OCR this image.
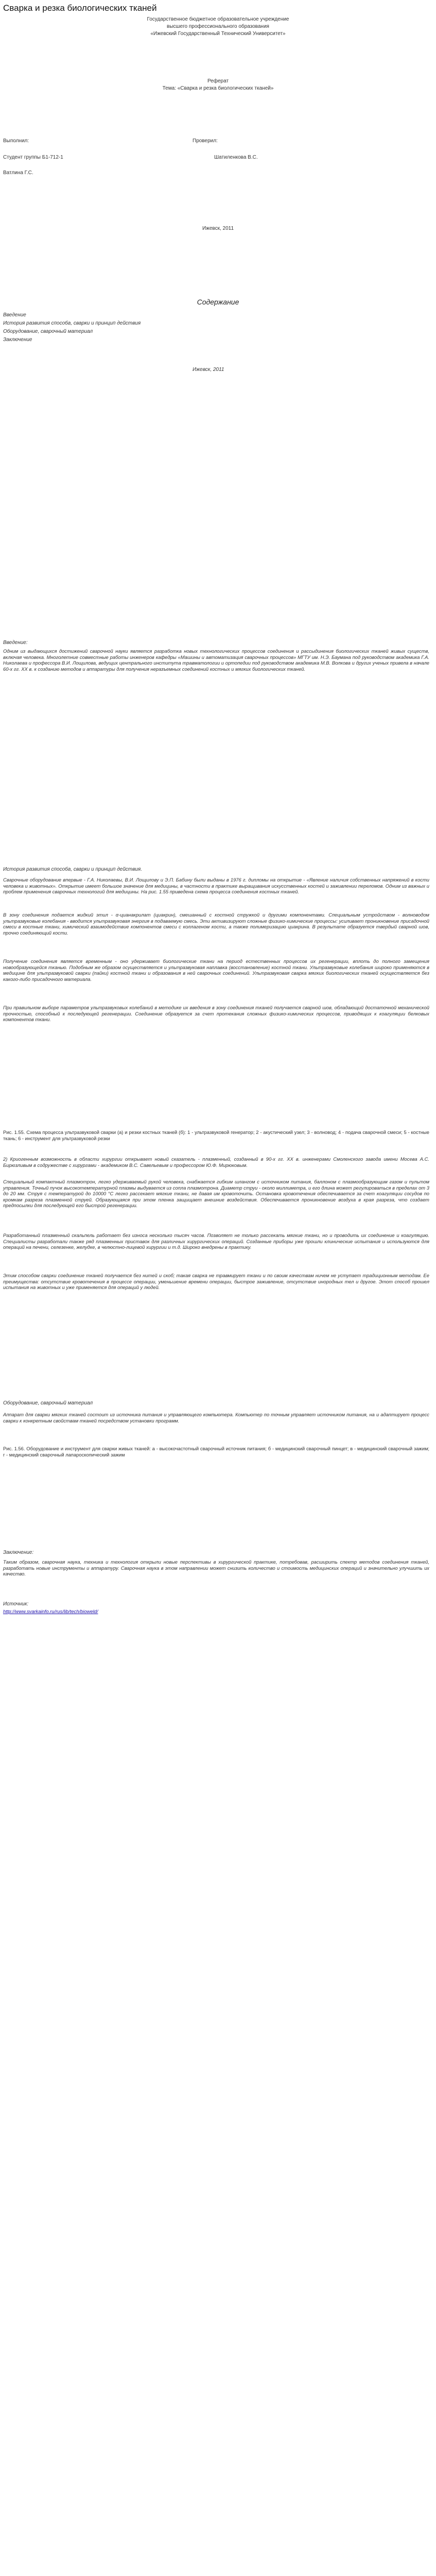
Сварка и резка биологических тканей
Государственное бюджетное образовательное учреждение
высшего профессионального образования
«Ижевский Государственный Технический Университет»
Реферат
Тема: «Сварка и резка биологических тканей»
Выполнил:	Проверил:
Студент группы Б1-712-1	Шатиленкова В.С.
Ватлина Г.С.
Ижевск, 2011
Содержание
Введение
История развития способа, сварки и принцип действия
Оборудование, сварочный материал
Заключение
Ижевск, 2011
Введение:

Одним из выдающихся достижений сварочной науки является разработка новых технологических процессов соединения и рассыдинения биологических тканей живых существ, включая человека. Многолетние совместные работы инженеров кафедры «Машины и автоматизация сварочных процессов» МГТУ им. Н.Э. Баумана под руководством академика Г.А. Николаева и профессора В.И. Лощилова, ведущих центрального института травматологии и ортопедии под руководством академика М.В. Волкова и других ученых привела в начале 60-х гг. XX в. к созданию методов и аппаратуры для получения неразъемных соединений костных и мягких биологических тканей.

История развития способа, сварки и принцип действия.

Сварочные оборудование впервые - Г.А. Николаевы, В.И. Лощилову и Э.П. Бабину были выданы в 1976 г. дипломы на открытие - «Явление наличия собственных напряжений в кости человека и животных». Открытие имеет большое значение для медицины, в частности в практике выращивания искусственных костей и заживлении переломов. Одним из важных и проблем применения сварочных технологий для медицины. На рис. 1.55 приведена схема процесса соединения костных тканей.

В зону соединения подается жидкий этил - α-цианакрилат (циакрин), смешанный с костной стружкой и другими компонентами. Специальным устройством - волноводом ультразвуковые колебания - вводится ультразвуковая энергия в подаваемую смесь. Эти активизируют сложные физико-химические процессы: усиливает проникновение присадочной смеси в костные ткани, химический взаимодействие компонентов смеси с коллагеном кости, а также полимеризацию циакрина. В результате образуется твердый сварной шов, прочно соединяющий кости.

Получение соединения является временным - оно удерживает биологические ткани на период естественных процессов их регенерации, вплоть до полного замещения новообразующейся тканью. Подобным же образом осуществляется и ультразвуковая наплавка (восстановление) костной ткани. Ультразвуковые колебания широко применяются в медицине для ультразвуковой сварки (пайки) костной ткани и образования в ней сварочных соединений. Ультразвуковая сварка мягких биологических тканей осуществляется без какого-либо присадочного материала.

При правильном выборе параметров ультразвуковых колебаний в методике их введения в зону соединения тканей получается сварной шов, обладающий достаточной механической прочностью, способный к последующей регенерации. Соединение образуется за счет протекания сложных физико-химических процессов, приводящих к коагуляции белковых компонентов ткани.

Рис. 1.55. Схема процесса ультразвуковой сварки (а) и резки костных тканей (б): 1 - ультразвуковой генератор; 2 - акустический узел; 3 - волновод; 4 - подача сварочной смеси; 5 - костные ткань; 6 - инструмент для ультразвуковой резки

2) Криогенным возможность в области хирургии открывает новый сказатель - плазменный, созданный в 90-х гг. XX в. инженерами Смоленского завода имени Мосева А.С. Бирюзливым в содружестве с хирургами - академиком В.С. Савельевым и профессором Ю.Ф. Мирюковым.

Специальный компактный плазмотрон, легко удерживаемый рукой человека, снабжается гибким шлангом с источником питания, баллоном с плазмообразующим газом и пультом управления. Точный пучок высокотемпературной плазмы выдувается из сопла плазмотрона. Диаметр струи - около миллиметра, и его длина может регулироваться в пределах от 3 до 20 мм. Струя с температурой до 10000 °С легко рассекает мягкие ткани, не давая им кровоточить. Остановка кровотечения обеспечивается за счет коагуляции сосудов по кромкам разреза плазменной струей. Образующаяся при этом пленка защищает внешние воздействия. Обеспечивается проникновение воздуха в края разреза, что создает предпосылки для последующей его быстрой регенерации.

Разработанный плазменный скальпель работает без износа несколько тысяч часов. Позволяет не только рассекать мягкие ткани, но и проводить их соединение и коагуляцию. Специалисты разработали также ряд плазменных приставок для различных хирургических операций. Созданные приборы уже прошли клинические испытания и используются для операций на печени, селезенке, желудке, в челюстно-лицевой хирургии и т.д. Широко внедрены в практику.

Этим способом сварки соединение тканей получается без нитей и скоб; такая сварка не травмирует ткани и по своим качествам ничем не уступает традиционным методам. Ее преимущества: отсутствие кровотечения в процессе операции, уменьшение времени операции, быстрое заживление, отсутствие инородных тел и другое. Этот способ прошел испытания на животных и уже применяется для операций у людей.

Оборудование, сварочный материал

Аппарат для сварки мягких тканей состоит из источника питания и управляющего компьютера. Компьютер по точным управляет источником питания, на и адаптирует процесс сварки к конкретным свойствам тканей посредством установки программ.

Рис. 1.56. Оборудование и инструмент для сварки живых тканей: а - высокочастотный сварочный источник питания; б - медицинский сварочный пинцет; в - медицинский сварочный зажим; г - медицинский сварочный лапароскопический зажим

Заключение:

Таким образом, сварочная наука, техника и технология открыли новые перспективы в хирургической практике, потребовав, расширить спектр методов соединения тканей, разработать новые инструменты и аппаратуру. Сварочная наука в этом направлении может снизить количество и стоимость медицинских операций и значительно улучшить их качество.

Источник:
http://www.svarkainfo.ru/rus/lib/tech/bioweld/
